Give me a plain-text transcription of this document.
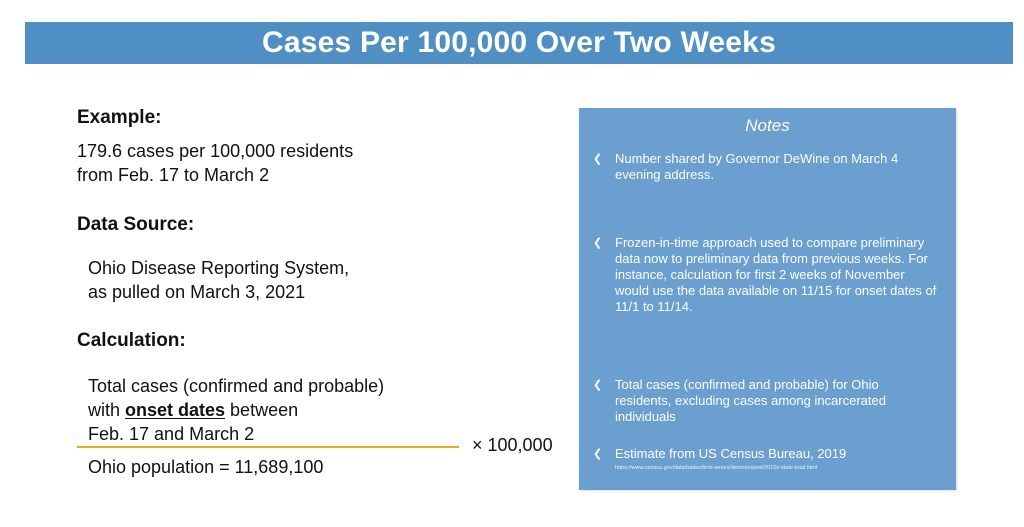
Cases Per 100,000 Over Two Weeks
Example:
179.6 cases per 100,000 residents
from Feb. 17 to March 2
Data Source:
Ohio Disease Reporting System,
as pulled on March 3, 2021
Calculation:
Total cases (confirmed and probable)
with onset dates between
Feb. 17 and March 2
Ohio population = 11,689,100
× 100,000
Notes
❮ Number shared by Governor DeWine on March 4 evening address.
❮ Frozen-in-time approach used to compare preliminary data now to preliminary data from previous weeks. For instance, calculation for first 2 weeks of November would use the data available on 11/15 for onset dates of 11/1 to 11/14.
❮ Total cases (confirmed and probable) for Ohio residents, excluding cases among incarcerated individuals
❮ Estimate from US Census Bureau, 2019
https://www.census.gov/data/tables/time-series/demo/popest/2010s-state-total.html
